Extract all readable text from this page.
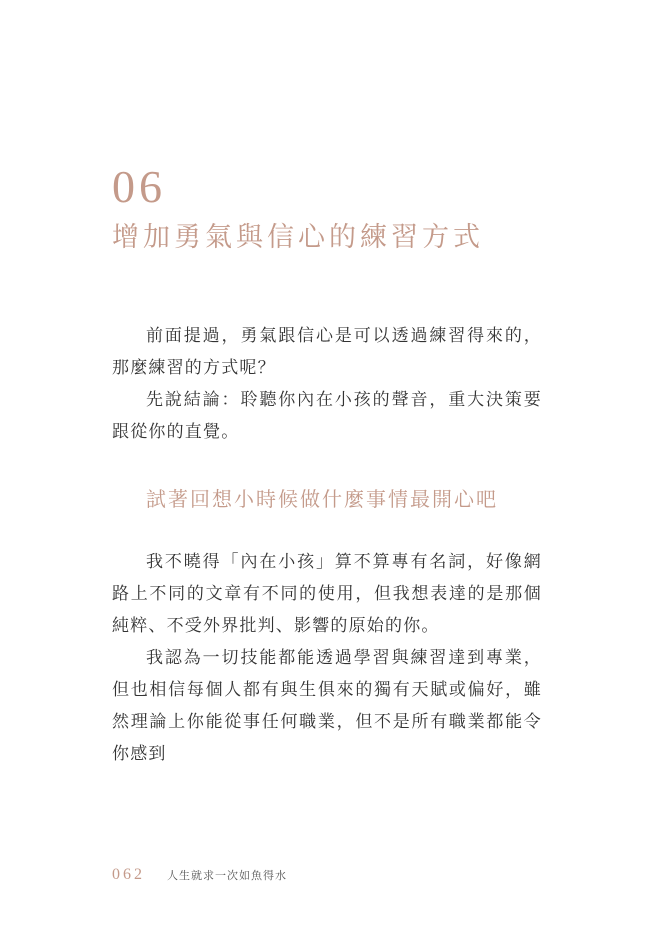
06
增加勇氣與信心的練習方式

前面提過，勇氣跟信心是可以透過練習得來的，那麼練習的方式呢？

先說結論：聆聽你內在小孩的聲音，重大決策要跟從你的直覺。

試著回想小時候做什麼事情最開心吧

我不曉得「內在小孩」算不算專有名詞，好像網路上不同的文章有不同的使用，但我想表達的是那個純粹、不受外界批判、影響的原始的你。

我認為一切技能都能透過學習與練習達到專業，但也相信每個人都有與生俱來的獨有天賦或偏好，雖然理論上你能從事任何職業，但不是所有職業都能令你感到

062 人生就求一次如魚得水
